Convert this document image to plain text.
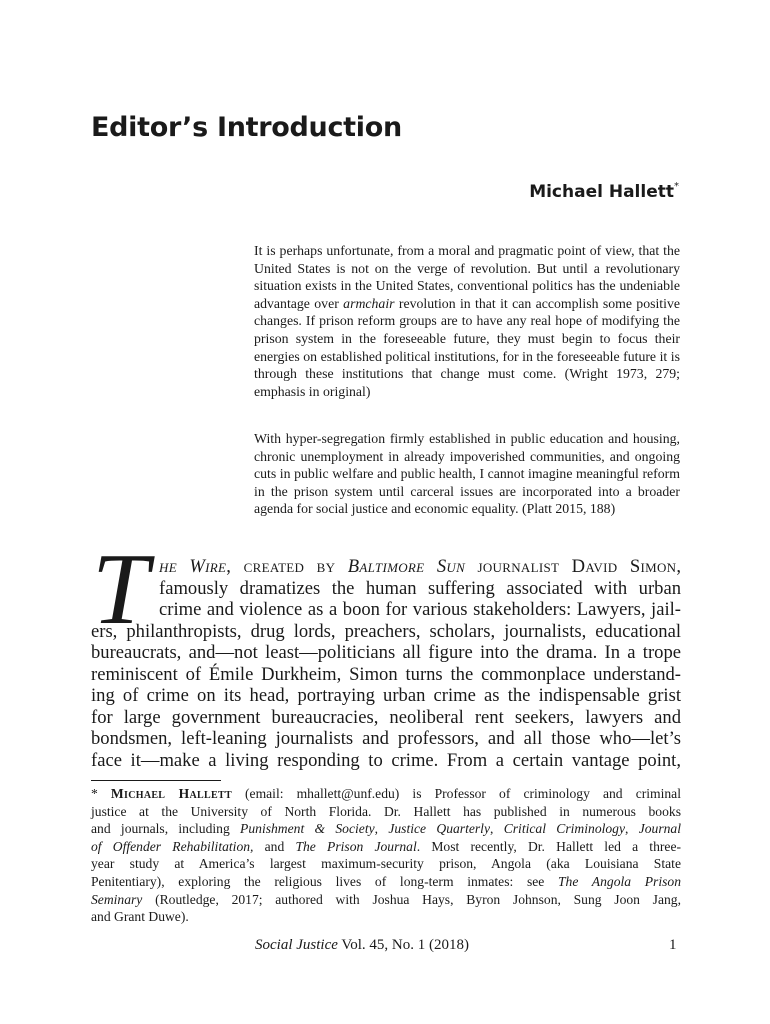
Editor’s Introduction
Michael Hallett*

It is perhaps unfortunate, from a moral and pragmatic point of view, that the United States is not on the verge of revolution. But until a revolutionary situation exists in the United States, conventional politics has the undeniable advantage over armchair revolution in that it can accomplish some positive changes. If prison reform groups are to have any real hope of modifying the prison system in the foreseeable future, they must begin to focus their energies on established political institutions, for in the foreseeable future it is through these institutions that change must come. (Wright 1973, 279; emphasis in original)

With hyper-segregation firmly established in public education and housing, chronic unemployment in already impoverished communities, and ongoing cuts in public welfare and public health, I cannot imagine meaningful reform in the prison system until carceral issues are incorporated into a broader agenda for social justice and economic equality. (Platt 2015, 188)

T he Wire, created by Baltimore Sun journalist David Simon,
famously dramatizes the human suffering associated with urban
crime and violence as a boon for various stakeholders: Lawyers, jail-
ers, philanthropists, drug lords, preachers, scholars, journalists, educational
bureaucrats, and—not least—politicians all figure into the drama. In a trope
reminiscent of Émile Durkheim, Simon turns the commonplace understand-
ing of crime on its head, portraying urban crime as the indispensable grist
for large government bureaucracies, neoliberal rent seekers, lawyers and
bondsmen, left-leaning journalists and professors, and all those who—let’s
face it—make a living responding to crime. From a certain vantage point,
* Michael Hallett (email: mhallett@unf.edu) is Professor of criminology and criminal
justice at the University of North Florida. Dr. Hallett has published in numerous books
and journals, including Punishment & Society, Justice Quarterly, Critical Criminology, Journal
of Offender Rehabilitation, and The Prison Journal. Most recently, Dr. Hallett led a three-
year study at America’s largest maximum-security prison, Angola (aka Louisiana State
Penitentiary), exploring the religious lives of long-term inmates: see The Angola Prison
Seminary (Routledge, 2017; authored with Joshua Hays, Byron Johnson, Sung Joon Jang,
and Grant Duwe).
Social Justice Vol. 45, No. 1 (2018)	1
